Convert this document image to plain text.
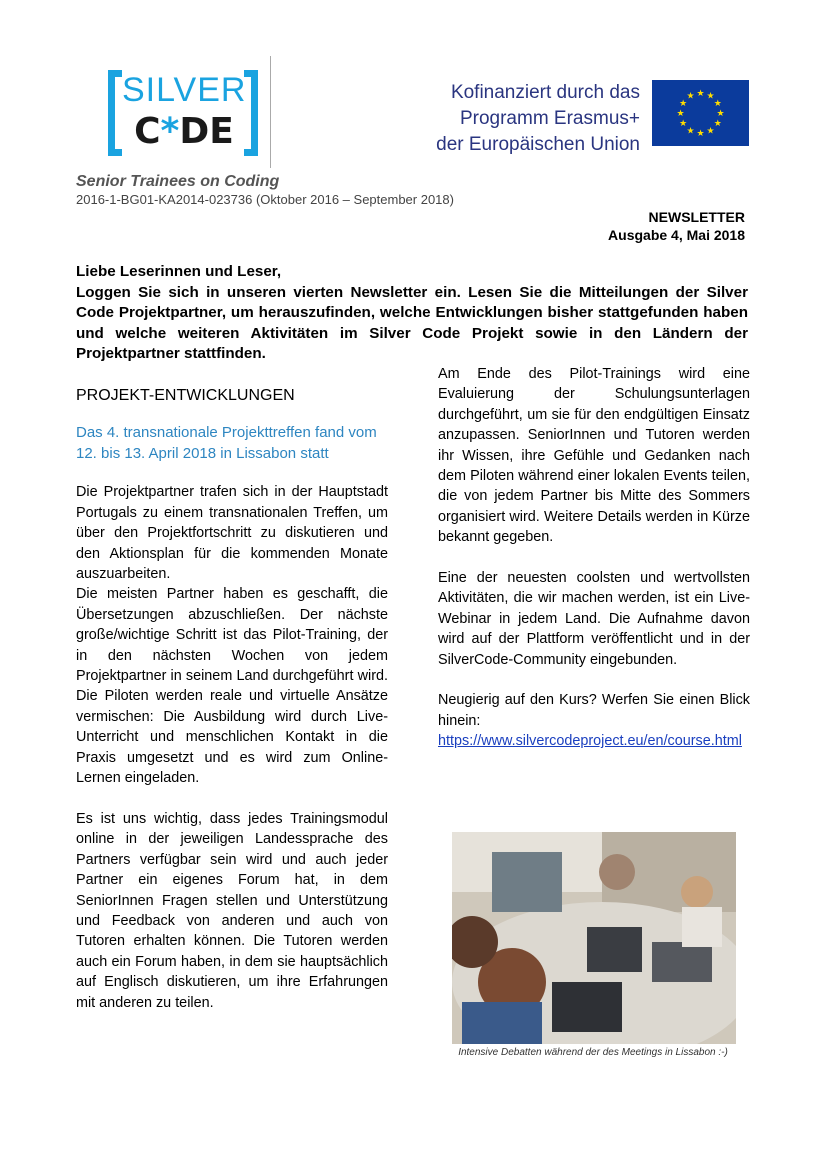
SILVER
C*DE
Kofinanziert durch das
Programm Erasmus+
der Europäischen Union
★ ★
★
★
★
★
★
★
★
★
★
★
Senior Trainees on Coding
2016-1-BG01-KA2014-023736 (Oktober 2016 – September 2018)
NEWSLETTER
Ausgabe 4, Mai 2018

Liebe Leserinnen und Leser,

Loggen Sie sich in unseren vierten Newsletter ein. Lesen Sie die Mitteilungen der Silver Code Projektpartner, um herauszufinden, welche Entwicklungen bisher stattgefunden haben und welche weiteren Aktivitäten im Silver Code Projekt sowie in den Ländern der Projektpartner stattfinden.

PROJEKT-ENTWICKLUNGEN

Das 4. transnationale Projekttreffen fand vom 12. bis 13. April 2018 in Lissabon statt

Die Projektpartner trafen sich in der Hauptstadt Portugals zu einem transnationalen Treffen, um über den Projektfortschritt zu diskutieren und den Aktionsplan für die kommenden Monate auszuarbeiten.

Die meisten Partner haben es geschafft, die Übersetzungen abzuschließen. Der nächste große/wichtige Schritt ist das Pilot-Training, der in den nächsten Wochen von jedem Projektpartner in seinem Land durchgeführt wird. Die Piloten werden reale und virtuelle Ansätze vermischen: Die Ausbildung wird durch Live-Unterricht und menschlichen Kontakt in die Praxis umgesetzt und es wird zum Online-Lernen eingeladen.

Es ist uns wichtig, dass jedes Trainingsmodul online in der jeweiligen Landessprache des Partners verfügbar sein wird und auch jeder Partner ein eigenes Forum hat, in dem SeniorInnen Fragen stellen und Unterstützung und Feedback von anderen und auch von Tutoren erhalten können. Die Tutoren werden auch ein Forum haben, in dem sie hauptsächlich auf Englisch diskutieren, um ihre Erfahrungen mit anderen zu teilen.

Am Ende des Pilot-Trainings wird eine Evaluierung der Schulungsunterlagen durchgeführt, um sie für den endgültigen Einsatz anzupassen. SeniorInnen und Tutoren werden ihr Wissen, ihre Gefühle und Gedanken nach dem Piloten während einer lokalen Events teilen, die von jedem Partner bis Mitte des Sommers organisiert wird. Weitere Details werden in Kürze bekannt gegeben.

Eine der neuesten coolsten und wertvollsten Aktivitäten, die wir machen werden, ist ein Live-Webinar in jedem Land. Die Aufnahme davon wird auf der Plattform veröffentlicht und in der SilverCode-Community eingebunden.

Neugierig auf den Kurs? Werfen Sie einen Blick hinein:
https://www.silvercodeproject.eu/en/course.html

Intensive Debatten während der des Meetings in Lissabon :-)
